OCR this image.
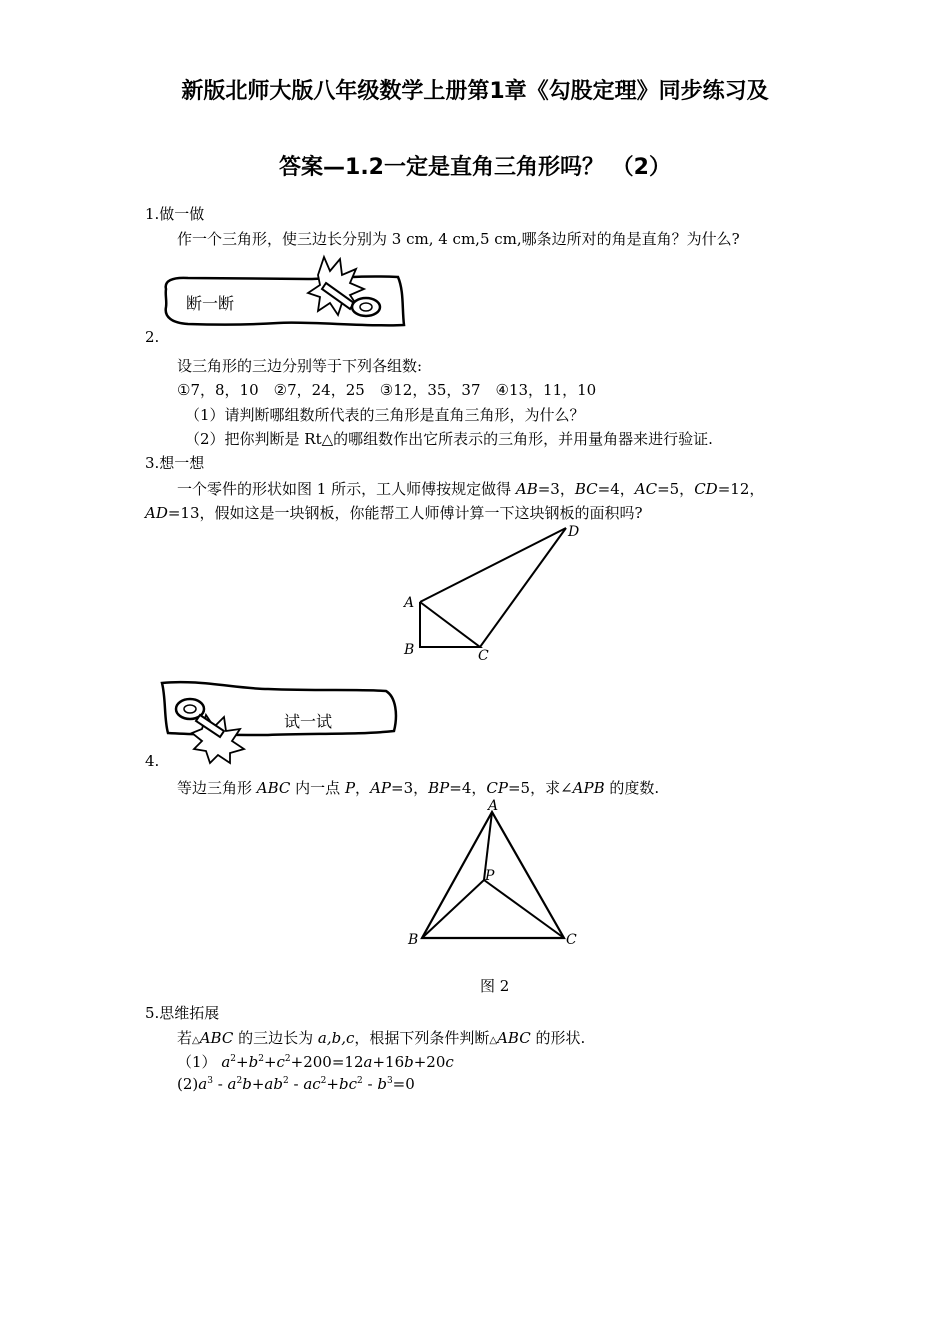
新版北师大版八年级数学上册第1章《勾股定理》同步练习及
答案—1.2一定是直角三角形吗？ （2）
1.做一做
作一个三角形，使三边长分别为 3 cm, 4 cm,5 cm,哪条边所对的角是直角？为什么?
断一断
2.
设三角形的三边分别等于下列各组数:
①7，8，10　②7，24，25　③12，35，37　④13，11，10
（1）请判断哪组数所代表的三角形是直角三角形，为什么？
（2）把你判断是 Rt△的哪组数作出它所表示的三角形，并用量角器来进行验证.
3.想一想
一个零件的形状如图 1 所示，工人师傅按规定做得 AB=3，BC=4，AC=5，CD=12，
AD=13，假如这是一块钢板，你能帮工人师傅计算一下这块钢板的面积吗?
A
B	C
D
试一试
4.
等边三角形 ABC 内一点 P，AP=3，BP=4，CP=5，求∠APB 的度数.
A
B	C
P
图 2
5.思维拓展
若△ABC 的三边长为 a,b,c，根据下列条件判断△ABC 的形状.
（1） $a^2+b^2+c^2+200=12a+16b+20c$
$(2)a^3 - a^2b+ab^2 - ac^2+bc^2 - b^3=0$
